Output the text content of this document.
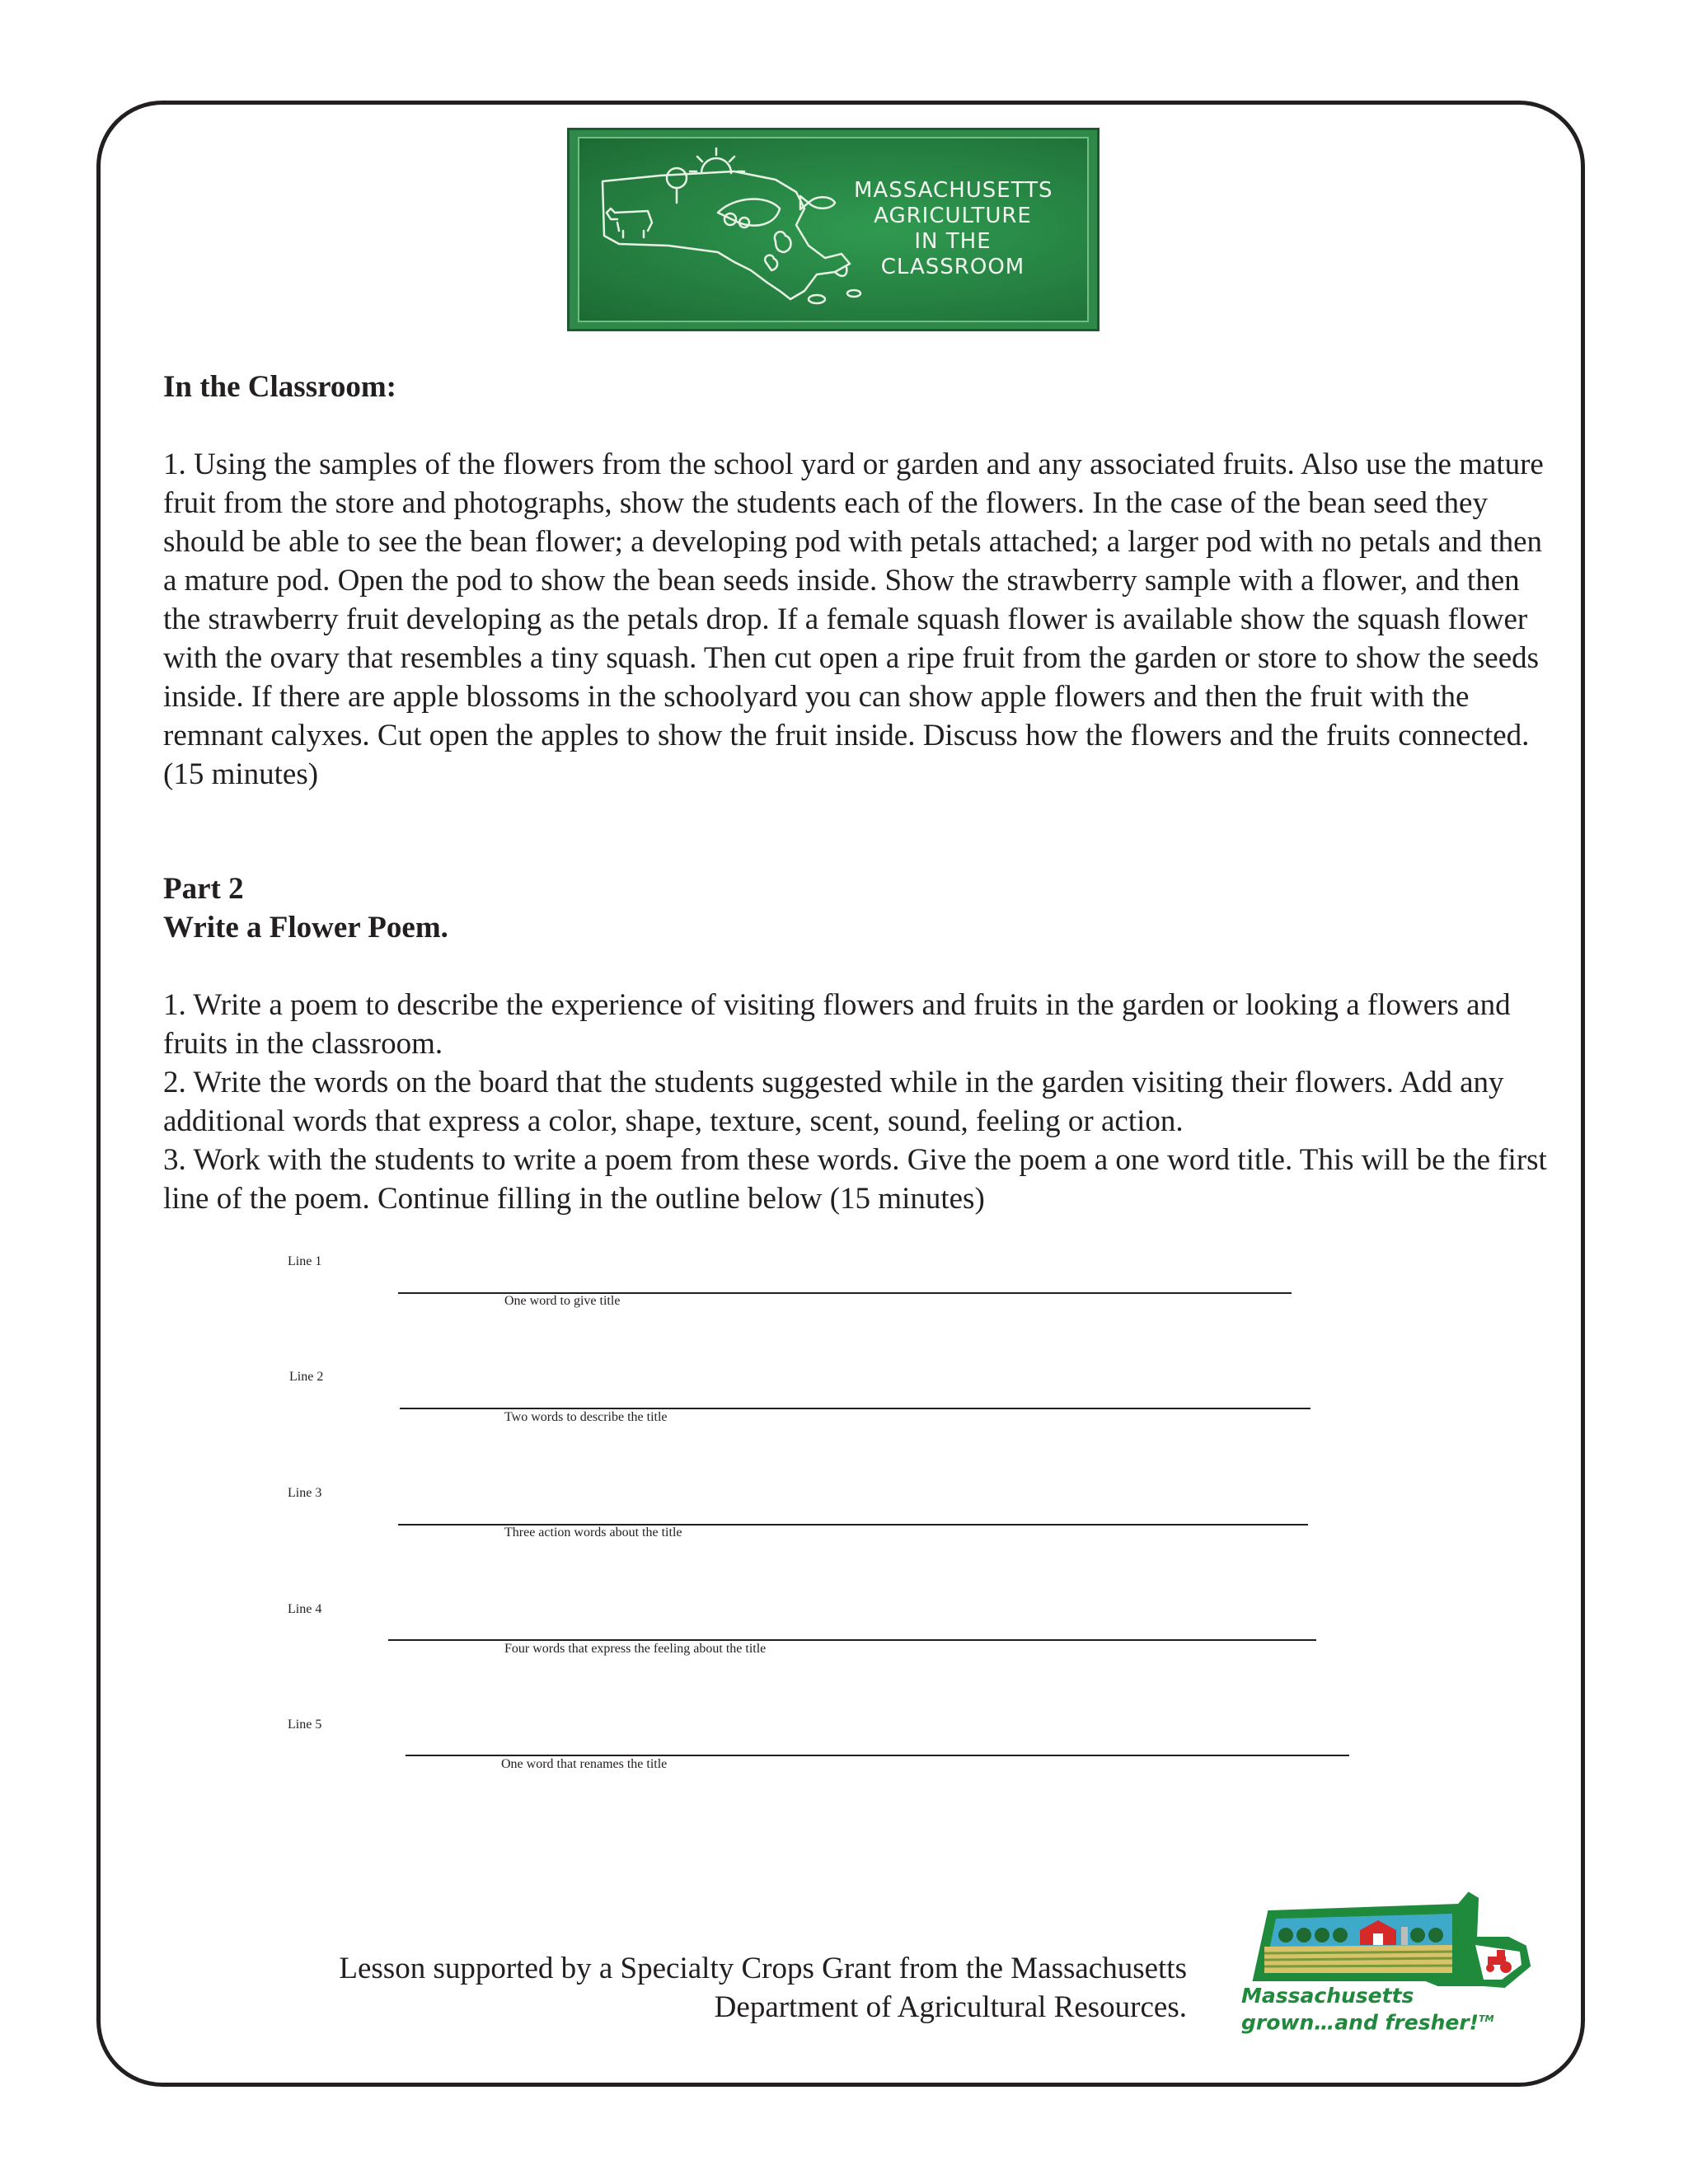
MASSACHUSETTS
AGRICULTURE
IN THE CLASSROOM
In the Classroom:

1. Using the samples of the flowers from the school yard or garden and any associated fruits. Also use the mature fruit from the store and photographs, show the students each of the flowers. In the case of the bean seed they should be able to see the bean flower; a developing pod with petals attached; a larger pod with no petals and then a mature pod. Open the pod to show the bean seeds inside. Show the strawberry sample with a flower, and then the strawberry fruit developing as the petals drop. If a female squash flower is available show the squash flower with the ovary that resembles a tiny squash. Then cut open a ripe fruit from the garden or store to show the seeds inside. If there are apple blossoms in the schoolyard you can show apple flowers and then the fruit with the remnant calyxes. Cut open the apples to show the fruit inside. Discuss how the flowers and the fruits connected. (15 minutes)

Part 2
Write a Flower Poem.

1. Write a poem to describe the experience of visiting flowers and fruits in the garden or looking a flowers and fruits in the classroom.

2. Write the words on the board that the students suggested while in the garden visiting their flowers. Add any additional words that express a color, shape, texture, scent, sound, feeling or action.

3. Work with the students to write a poem from these words. Give the poem a one word title. This will be the first line of the poem. Continue filling in the outline below (15 minutes)

Line 1
One word to give title
Line 2
Two words to describe the title
Line 3
Three action words about the title
Line 4
Four words that express the feeling about the title
Line 5
One word that renames the title
Lesson supported by a Specialty Crops Grant from the Massachusetts
Department of Agricultural Resources.	Massachusetts
grown…and fresher!™
